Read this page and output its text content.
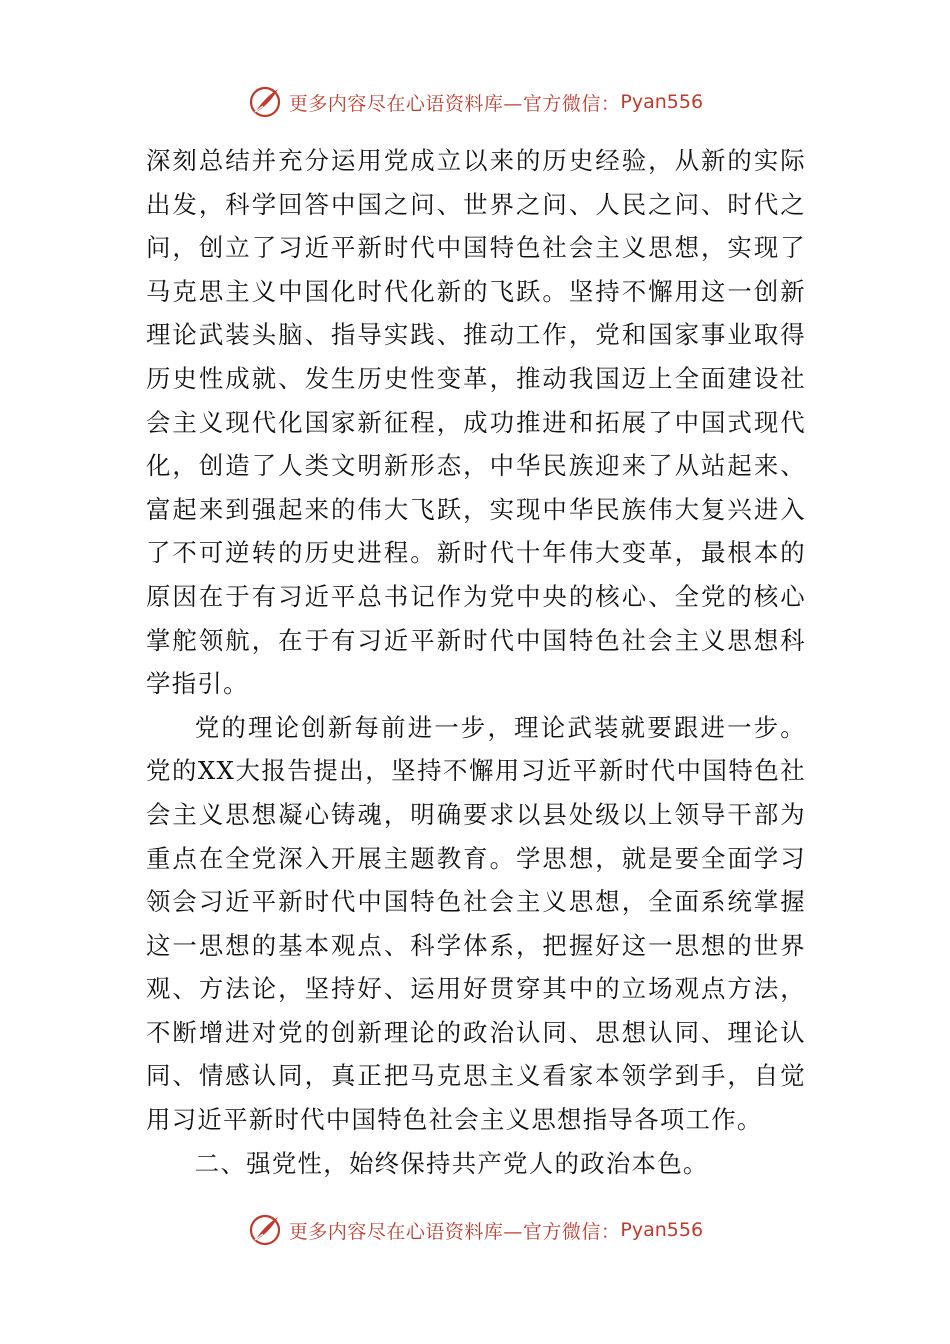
更多内容尽在心语资料库—官方微信： Pyan556

深刻总结并充分运用党成立以来的历史经验，从新的实际出发，科学回答中国之问、世界之问、人民之问、时代之问，创立了习近平新时代中国特色社会主义思想，实现了马克思主义中国化时代化新的飞跃。坚持不懈用这一创新理论武装头脑、指导实践、推动工作，党和国家事业取得历史性成就、发生历史性变革，推动我国迈上全面建设社会主义现代化国家新征程，成功推进和拓展了中国式现代化，创造了人类文明新形态，中华民族迎来了从站起来、富起来到强起来的伟大飞跃，实现中华民族伟大复兴进入了不可逆转的历史进程。新时代十年伟大变革，最根本的原因在于有习近平总书记作为党中央的核心、全党的核心掌舵领航，在于有习近平新时代中国特色社会主义思想科学指引。

党的理论创新每前进一步，理论武装就要跟进一步。党的XX大报告提出，坚持不懈用习近平新时代中国特色社会主义思想凝心铸魂，明确要求以县处级以上领导干部为重点在全党深入开展主题教育。学思想，就是要全面学习领会习近平新时代中国特色社会主义思想，全面系统掌握这一思想的基本观点、科学体系，把握好这一思想的世界观、方法论，坚持好、运用好贯穿其中的立场观点方法，不断增进对党的创新理论的政治认同、思想认同、理论认同、情感认同，真正把马克思主义看家本领学到手，自觉用习近平新时代中国特色社会主义思想指导各项工作。

二、强党性，始终保持共产党人的政治本色。

更多内容尽在心语资料库—官方微信： Pyan556
